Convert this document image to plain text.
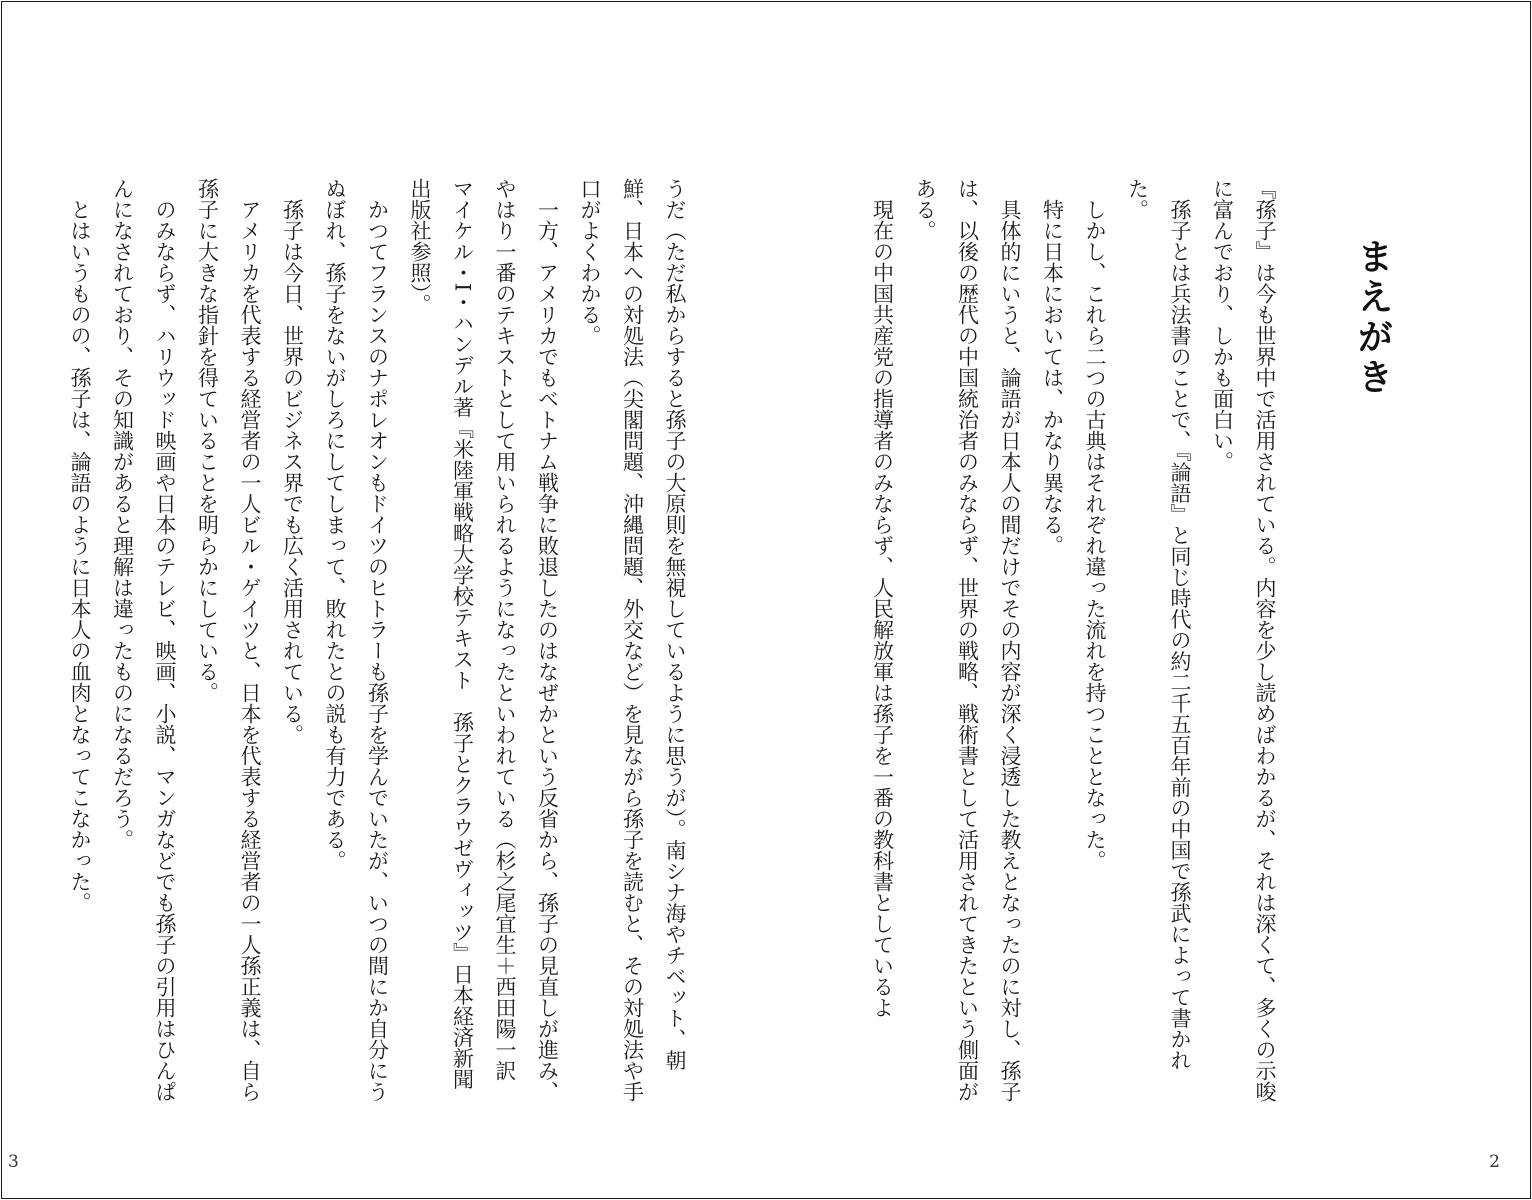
まえがき

『孫子』は今も世界中で活用されている。内容を少し読めばわかるが、それは深くて、多くの示唆に富んでおり、しかも面白い。

孫子とは兵法書のことで、『論語』と同じ時代の約二千五百年前の中国で孫武によって書かれた。

しかし、これら二つの古典はそれぞれ違った流れを持つこととなった。

特に日本においては、かなり異なる。

具体的にいうと、論語が日本人の間だけでその内容が深く浸透した教えとなったのに対し、孫子は、以後の歴代の中国統治者のみならず、世界の戦略、戦術書として活用されてきたという側面がある。

現在の中国共産党の指導者のみならず、人民解放軍は孫子を一番の教科書としているよ

2

うだ（ただ私からすると孫子の大原則を無視しているように思うが）。南シナ海やチベット、朝鮮、日本への対処法（尖閣問題、沖縄問題、外交など）を見ながら孫子を読むと、その対処法や手口がよくわかる。

一方、アメリカでもベトナム戦争に敗退したのはなぜかという反省から、孫子の見直しが進み、やはり一番のテキストとして用いられるようになったといわれている（杉之尾宜生＋西田陽一訳　マイケル・I・ハンデル著『米陸軍戦略大学校テキスト　孫子とクラウゼヴィッツ』日本経済新聞出版社参照）。

かつてフランスのナポレオンもドイツのヒトラーも孫子を学んでいたが、いつの間にか自分にうぬぼれ、孫子をないがしろにしてしまって、敗れたとの説も有力である。

孫子は今日、世界のビジネス界でも広く活用されている。

アメリカを代表する経営者の一人ビル・ゲイツと、日本を代表する経営者の一人孫正義は、自ら孫子に大きな指針を得ていることを明らかにしている。

のみならず、ハリウッド映画や日本のテレビ、映画、小説、マンガなどでも孫子の引用はひんぱんになされており、その知識があると理解は違ったものになるだろう。

とはいうものの、孫子は、論語のように日本人の血肉となってこなかった。

3
